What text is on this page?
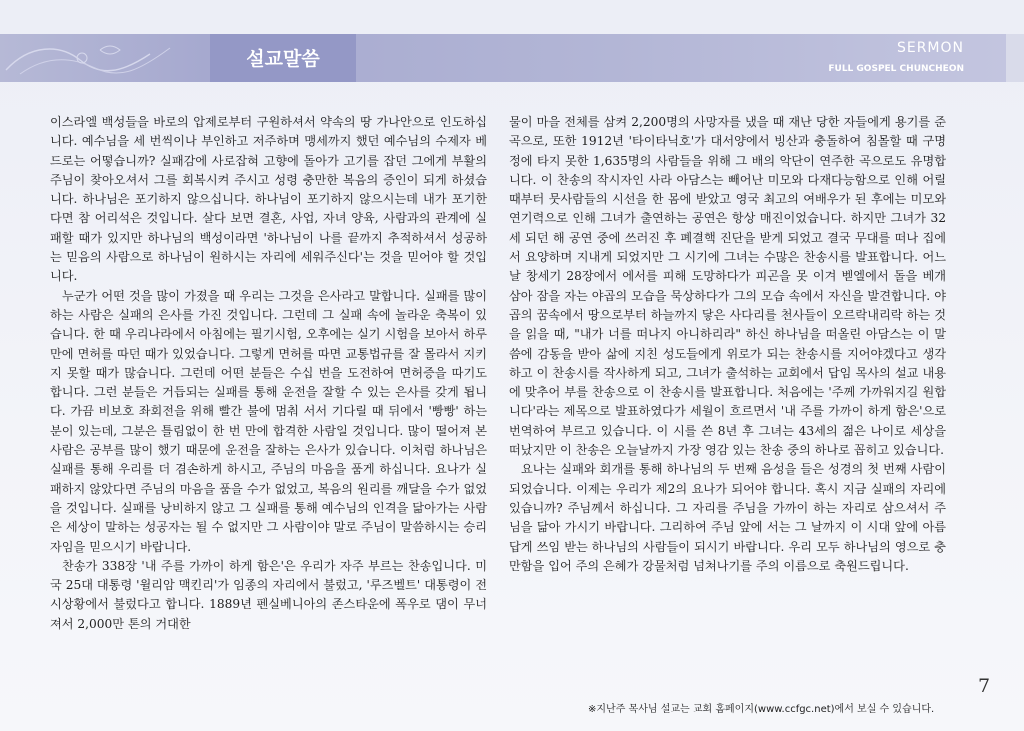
설교말씀	SERMON
FULL GOSPEL CHUNCHEON

이스라엘 백성들을 바로의 압제로부터 구원하셔서 약속의 땅 가나안으로 인도하십니다. 예수님을 세 번씩이나 부인하고 저주하며 맹세까지 했던 예수님의 수제자 베드로는 어떻습니까? 실패감에 사로잡혀 고향에 돌아가 고기를 잡던 그에게 부활의 주님이 찾아오셔서 그를 회복시켜 주시고 성령 충만한 복음의 증인이 되게 하셨습니다. 하나님은 포기하지 않으십니다. 하나님이 포기하지 않으시는데 내가 포기한다면 참 어리석은 것입니다. 살다 보면 결혼, 사업, 자녀 양육, 사람과의 관계에 실패할 때가 있지만 하나님의 백성이라면 '하나님이 나를 끝까지 추적하셔서 성공하는 믿음의 사람으로 하나님이 원하시는 자리에 세워주신다'는 것을 믿어야 할 것입니다.

누군가 어떤 것을 많이 가졌을 때 우리는 그것을 은사라고 말합니다. 실패를 많이 하는 사람은 실패의 은사를 가진 것입니다. 그런데 그 실패 속에 놀라운 축복이 있습니다. 한 때 우리나라에서 아침에는 필기시험, 오후에는 실기 시험을 보아서 하루 만에 면허를 따던 때가 있었습니다. 그렇게 면허를 따면 교통법규를 잘 몰라서 지키지 못할 때가 많습니다. 그런데 어떤 분들은 수십 번을 도전하여 면허증을 따기도 합니다. 그런 분들은 거듭되는 실패를 통해 운전을 잘할 수 있는 은사를 갖게 됩니다. 가끔 비보호 좌회전을 위해 빨간 불에 멈춰 서서 기다릴 때 뒤에서 '빵빵' 하는 분이 있는데, 그분은 틀림없이 한 번 만에 합격한 사람일 것입니다. 많이 떨어져 본 사람은 공부를 많이 했기 때문에 운전을 잘하는 은사가 있습니다. 이처럼 하나님은 실패를 통해 우리를 더 겸손하게 하시고, 주님의 마음을 품게 하십니다. 요나가 실패하지 않았다면 주님의 마음을 품을 수가 없었고, 복음의 원리를 깨달을 수가 없었을 것입니다. 실패를 낭비하지 않고 그 실패를 통해 예수님의 인격을 닮아가는 사람은 세상이 말하는 성공자는 될 수 없지만 그 사람이야 말로 주님이 말씀하시는 승리자임을 믿으시기 바랍니다.

찬송가 338장 '내 주를 가까이 하게 함은'은 우리가 자주 부르는 찬송입니다. 미국 25대 대통령 '윌리암 맥킨리'가 임종의 자리에서 불렀고, '루즈벨트' 대통령이 전시상황에서 불렀다고 합니다. 1889년 펜실베니아의 존스타운에 폭우로 댐이 무너져서 2,000만 톤의 거대한

물이 마을 전체를 삼켜 2,200명의 사망자를 냈을 때 재난 당한 자들에게 용기를 준 곡으로, 또한 1912년 '타이타닉호'가 대서양에서 빙산과 충돌하여 침몰할 때 구명정에 타지 못한 1,635명의 사람들을 위해 그 배의 악단이 연주한 곡으로도 유명합니다. 이 찬송의 작시자인 사라 아담스는 빼어난 미모와 다재다능함으로 인해 어릴 때부터 뭇사람들의 시선을 한 몸에 받았고 영국 최고의 여배우가 된 후에는 미모와 연기력으로 인해 그녀가 출연하는 공연은 항상 매진이었습니다. 하지만 그녀가 32세 되던 해 공연 중에 쓰러진 후 폐결핵 진단을 받게 되었고 결국 무대를 떠나 집에서 요양하며 지내게 되었지만 그 시기에 그녀는 수많은 찬송시를 발표합니다. 어느 날 창세기 28장에서 에서를 피해 도망하다가 피곤을 못 이겨 벧엘에서 돌을 베개 삼아 잠을 자는 야곱의 모습을 묵상하다가 그의 모습 속에서 자신을 발견합니다. 야곱의 꿈속에서 땅으로부터 하늘까지 닿은 사다리를 천사들이 오르락내리락 하는 것을 읽을 때, "내가 너를 떠나지 아니하리라" 하신 하나님을 떠올린 아담스는 이 말씀에 감동을 받아 삶에 지친 성도들에게 위로가 되는 찬송시를 지어야겠다고 생각하고 이 찬송시를 작사하게 되고, 그녀가 출석하는 교회에서 답임 목사의 설교 내용에 맞추어 부를 찬송으로 이 찬송시를 발표합니다. 처음에는 '주께 가까워지길 원합니다'라는 제목으로 발표하였다가 세월이 흐르면서 '내 주를 가까이 하게 함은'으로 번역하여 부르고 있습니다. 이 시를 쓴 8년 후 그녀는 43세의 젊은 나이로 세상을 떠났지만 이 찬송은 오늘날까지 가장 영감 있는 찬송 중의 하나로 꼽히고 있습니다.

요나는 실패와 회개를 통해 하나님의 두 번째 음성을 들은 성경의 첫 번째 사람이 되었습니다. 이제는 우리가 제2의 요나가 되어야 합니다. 혹시 지금 실패의 자리에 있습니까? 주님께서 하십니다. 그 자리를 주님을 가까이 하는 자리로 삼으셔서 주님을 닮아 가시기 바랍니다. 그리하여 주님 앞에 서는 그 날까지 이 시대 앞에 아름답게 쓰임 받는 하나님의 사람들이 되시기 바랍니다. 우리 모두 하나님의 영으로 충만함을 입어 주의 은혜가 강물처럼 넘쳐나기를 주의 이름으로 축원드립니다.

7
※지난주 목사님 설교는 교회 홈페이지(www.ccfgc.net)에서 보실 수 있습니다.
